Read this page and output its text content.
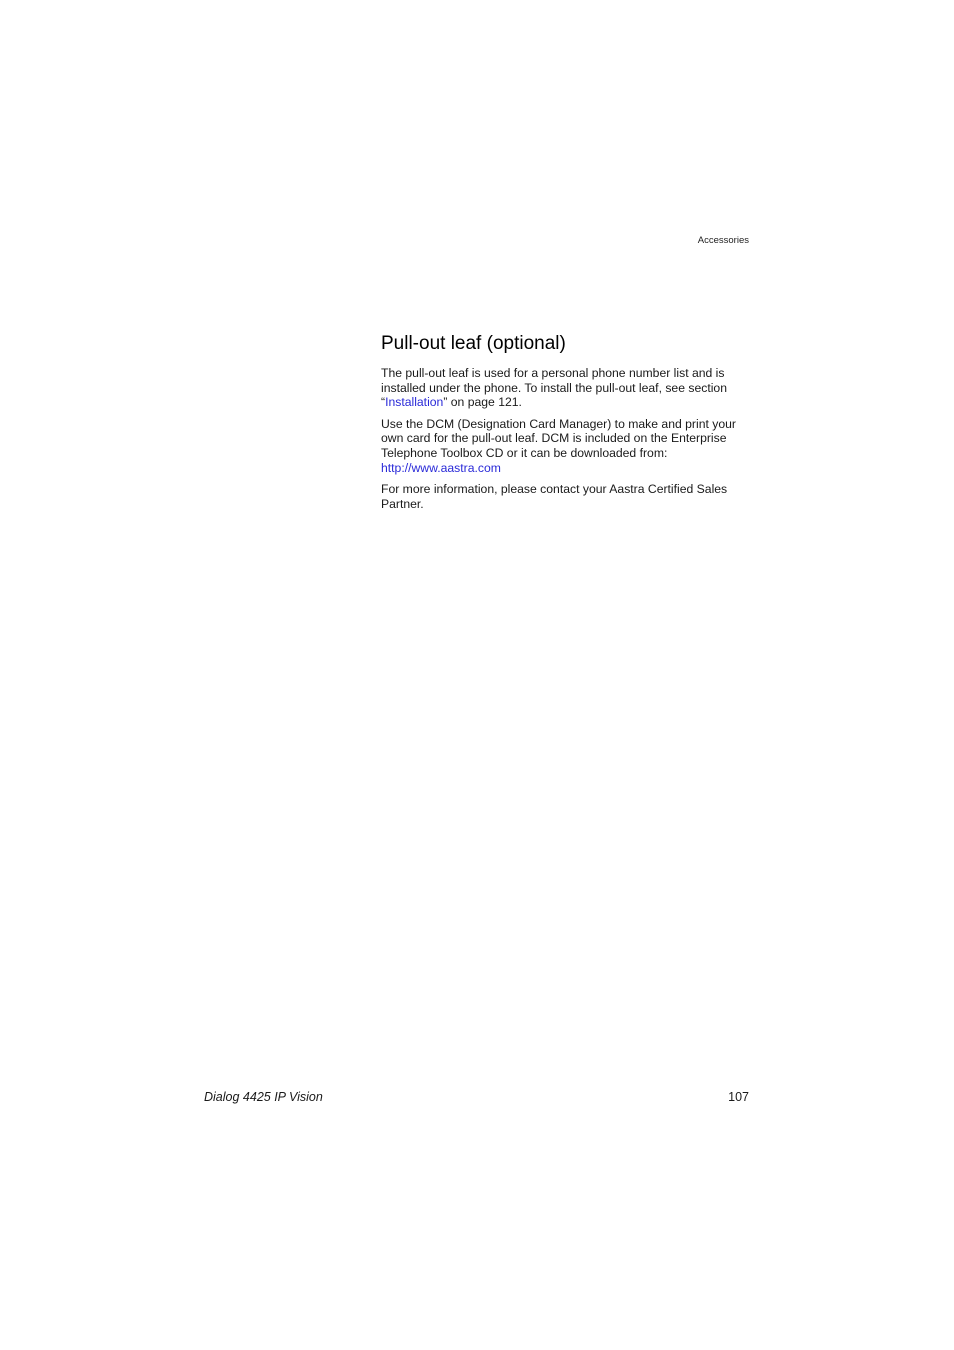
Accessories
Pull-out leaf (optional)

The pull-out leaf is used for a personal phone number list and is
installed under the phone. To install the pull-out leaf, see section
“Installation” on page 121.

Use the DCM (Designation Card Manager) to make and print your
own card for the pull-out leaf. DCM is included on the Enterprise
Telephone Toolbox CD or it can be downloaded from:
http://www.aastra.com

For more information, please contact your Aastra Certified Sales
Partner.

Dialog 4425 IP Vision	107
